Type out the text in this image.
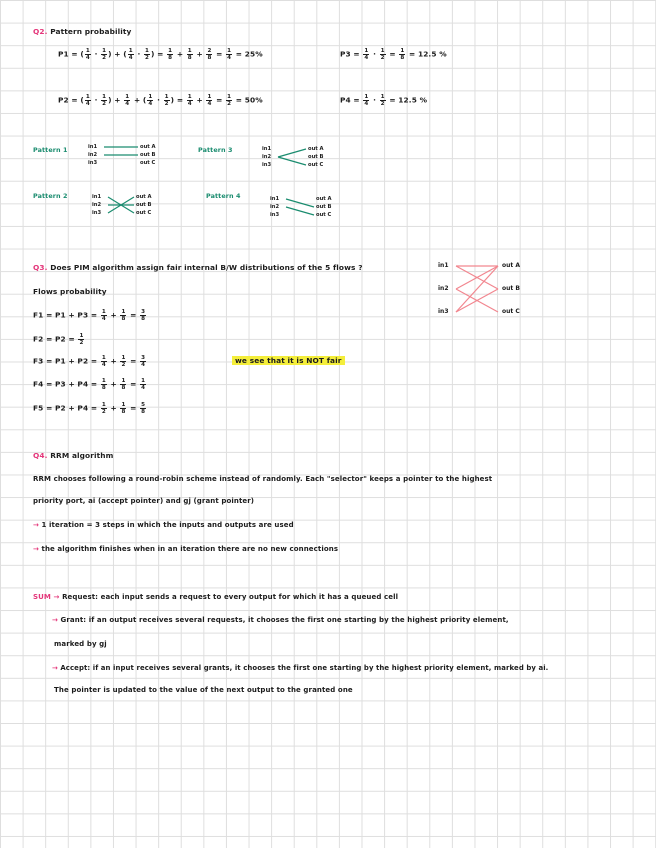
Q2. Pattern probability
P1 = ( $\frac{1}{4} \cdot \frac{1}{2}$ ) + ( $\frac{1}{4} \cdot \frac{1}{2}$ ) = $\frac{1}{8} + \frac{1}{8} + \frac{2}{8} = \frac{1}{4} = 25\%$	$P3 = \frac{1}{4} \cdot \frac{1}{2} = \frac{1}{8} = 12.5$ %
P2 = ( $\frac{1}{4} \cdot \frac{1}{2}$ ) + $\frac{1}{4}$ + ( $\frac{1}{4} \cdot \frac{1}{2}$ ) = $\frac{1}{4} + \frac{1}{4} = \frac{1}{2} = 50\%$	$P4 = \frac{1}{4} \cdot \frac{1}{2} = 12.5$ %
Pattern 1	in1
in2
in3
out A
out B
out C
Pattern 3	in1
in2
in3
out A
out B
out C
Pattern 2	in1
in2
in3
out A
out B
out C
Pattern 4	in1
in2
in3
out A
out B
out C
Q3. Does PIM algorithm assign fair internal B/W distributions of the 5 flows ?
Flows probability
$F1 = P1 + P3 = \frac{1}{4} + \frac{1}{8} = \frac{3}{8}$
$F2 = P2 = \frac{1}{2}$
$F3 = P1 + P2 = \frac{1}{4} + \frac{1}{2} = \frac{3}{4}$
$F4 = P3 + P4 = \frac{1}{8} + \frac{1}{8} = \frac{1}{4}$
$F5 = P2 + P4 = \frac{1}{2} + \frac{1}{8} = \frac{5}{8}$
we see that it is NOT fair
in1
in2
in3
out A
out B
out C
Q4. RRM algorithm
RRM chooses following a round-robin scheme instead of randomly. Each "selector" keeps a pointer to the highest
priority port, ai (accept pointer) and gj (grant pointer)
→ 1 iteration = 3 steps in which the inputs and outputs are used
→ the algorithm finishes when in an iteration there are no new connections
SUM → Request: each input sends a request to every output for which it has a queued cell
→ Grant: if an output receives several requests, it chooses the first one starting by the highest priority element,
marked by gj
→ Accept: if an input receives several grants, it chooses the first one starting by the highest priority element, marked by ai.
The pointer is updated to the value of the next output to the granted one
